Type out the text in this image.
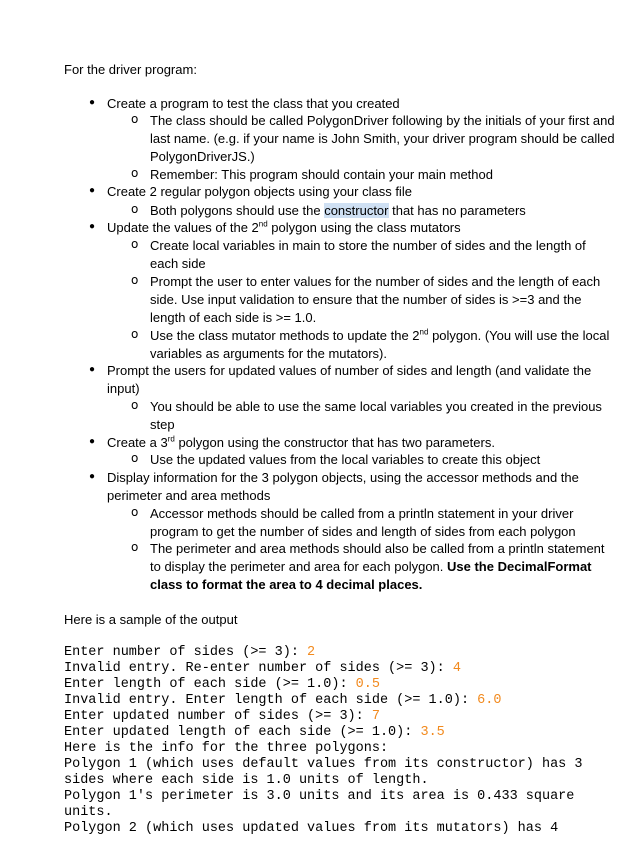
For the driver program:
● Create a program to test the class that you created
o The class should be called PolygonDriver following by the initials of your first and
last name. (e.g. if your name is John Smith, your driver program should be called
PolygonDriverJS.)
o Remember: This program should contain your main method
● Create 2 regular polygon objects using your class file
o Both polygons should use the constructor that has no parameters
● Update the values of the 2nd polygon using the class mutators
o Create local variables in main to store the number of sides and the length of
each side
o Prompt the user to enter values for the number of sides and the length of each
side. Use input validation to ensure that the number of sides is >=3 and the
length of each side is >= 1.0.
o Use the class mutator methods to update the 2nd polygon. (You will use the local
variables as arguments for the mutators).
● Prompt the users for updated values of number of sides and length (and validate the
input)
o You should be able to use the same local variables you created in the previous
step
● Create a 3rd polygon using the constructor that has two parameters.
o Use the updated values from the local variables to create this object
● Display information for the 3 polygon objects, using the accessor methods and the
perimeter and area methods
o Accessor methods should be called from a println statement in your driver
program to get the number of sides and length of sides from each polygon
o The perimeter and area methods should also be called from a println statement
to display the perimeter and area for each polygon. Use the DecimalFormat
class to format the area to 4 decimal places.
Here is a sample of the output
Enter number of sides (>= 3): 2
Invalid entry. Re-enter number of sides (>= 3): 4
Enter length of each side (>= 1.0): 0.5
Invalid entry. Enter length of each side (>= 1.0): 6.0
Enter updated number of sides (>= 3): 7
Enter updated length of each side (>= 1.0): 3.5
Here is the info for the three polygons:
Polygon 1 (which uses default values from its constructor) has 3
sides where each side is 1.0 units of length.
Polygon 1's perimeter is 3.0 units and its area is 0.433 square
units.
Polygon 2 (which uses updated values from its mutators) has 4
